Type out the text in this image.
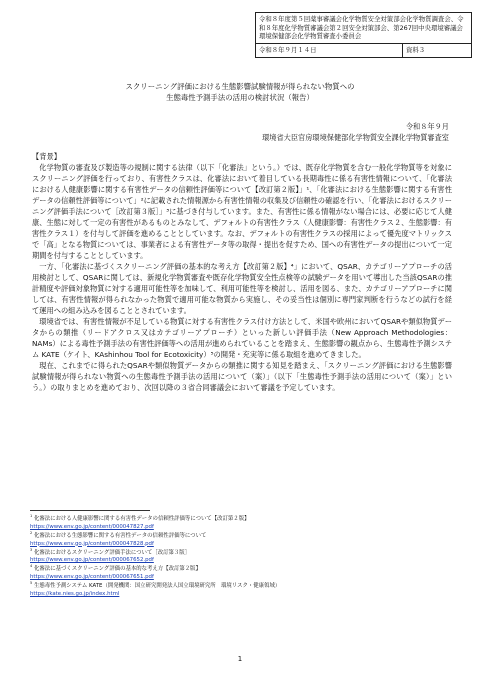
令和８年度第５回薬事審議会化学物質安全対策部会化学物質調査会、令和８年度化学物質審議会第２回安全対策部会、第267回中央環境審議会環境保健部会化学物質審査小委員会
令和８年９月１４日	資料３
スクリーニング評価における生態影響試験情報が得られない物質への
生態毒性予測手法の活用の検討状況（報告）
令和８年９月
環境省大臣官房環境保健部化学物質安全課化学物質審査室

【背景】

化学物質の審査及び製造等の規制に関する法律（以下「化審法」という。）では、既存化学物質を含む一般化学物質等を対象にスクリーニング評価を行っており、有害性クラスは、化審法において着目している長期毒性に係る有害性情報について、「化審法における人健康影響に関する有害性データの信頼性評価等について【改訂第２版】」¹、「化審法における生態影響に関する有害性データの信頼性評価等について」²に記載された情報源から有害性情報の収集及び信頼性の確認を行い、「化審法におけるスクリーニング評価手法について［改訂第３版］」³に基づき付与しています。また、有害性に係る情報がない場合には、必要に応じて人健康、生態に対して一定の有害性があるものとみなして、デフォルトの有害性クラス（人健康影響：有害性クラス２、生態影響：有害性クラス１）を付与して評価を進めることとしています。なお、デフォルトの有害性クラスの採用によって優先度マトリックスで「高」となる物質については、事業者による有害性データ等の取得・提出を促すため、国への有害性データの提出について一定期間を付与することとしています。

一方、「化審法に基づくスクリーニング評価の基本的な考え方【改訂第２版】⁴」において、QSAR、カテゴリーアプローチの活用検討として、QSARに関しては、新規化学物質審査や既存化学物質安全性点検等の試験データを用いて導出した当該QSARの推計精度や評価対象物質に対する適用可能性等を加味して、利用可能性等を検討し、活用を図る、また、カテゴリーアプローチに関しては、有害性情報が得られなかった物質で適用可能な物質から実施し、その妥当性は個別に専門家判断を行うなどの試行を経て運用への組み込みを図ることとされています。

環境省では、有害性情報が不足している物質に対する有害性クラス付け方法として、米国や欧州においてQSARや類似物質データからの類推（リードアクロス又はカテゴリーアプローチ）といった新しい評価手法（New Approach Methodologies：NAMs）による毒性予測手法の有害性評価等への活用が進められていることを踏まえ、生態影響の観点から、生態毒性予測システム KATE（ケイト、KAshinhou Tool for Ecotoxicity）⁵の開発・充実等に係る取組を進めてきました。

現在、これまでに得られたQSARや類似物質データからの類推に関する知見を踏まえ、「スクリーニング評価における生態影響試験情報が得られない物質への生態毒性予測手法の活用について（案）」（以下「生態毒性予測手法の活用について（案）」という。）の取りまとめを進めており、次回以降の３省合同審議会において審議を予定しています。

$^1$ 化審法における人健康影響に関する有害性データの信頼性評価等について【改訂第２版】
https://www.env.go.jp/content/000047827.pdf
$^2$ 化審法における生態影響に関する有害性データの信頼性評価等について
https://www.env.go.jp/content/000047828.pdf
$^3$ 化審法におけるスクリーニング評価手法について［改訂第３版］
https://www.env.go.jp/content/000067652.pdf
$^4$ 化審法に基づくスクリーニング評価の基本的な考え方【改訂第２版】
https://www.env.go.jp/content/000067651.pdf
$^5$ 生態毒性予測システム KATE（開発機関：国立研究開発法人国立環境研究所　環境リスク・健康領域）
https://kate.nies.go.jp/index.html
1
